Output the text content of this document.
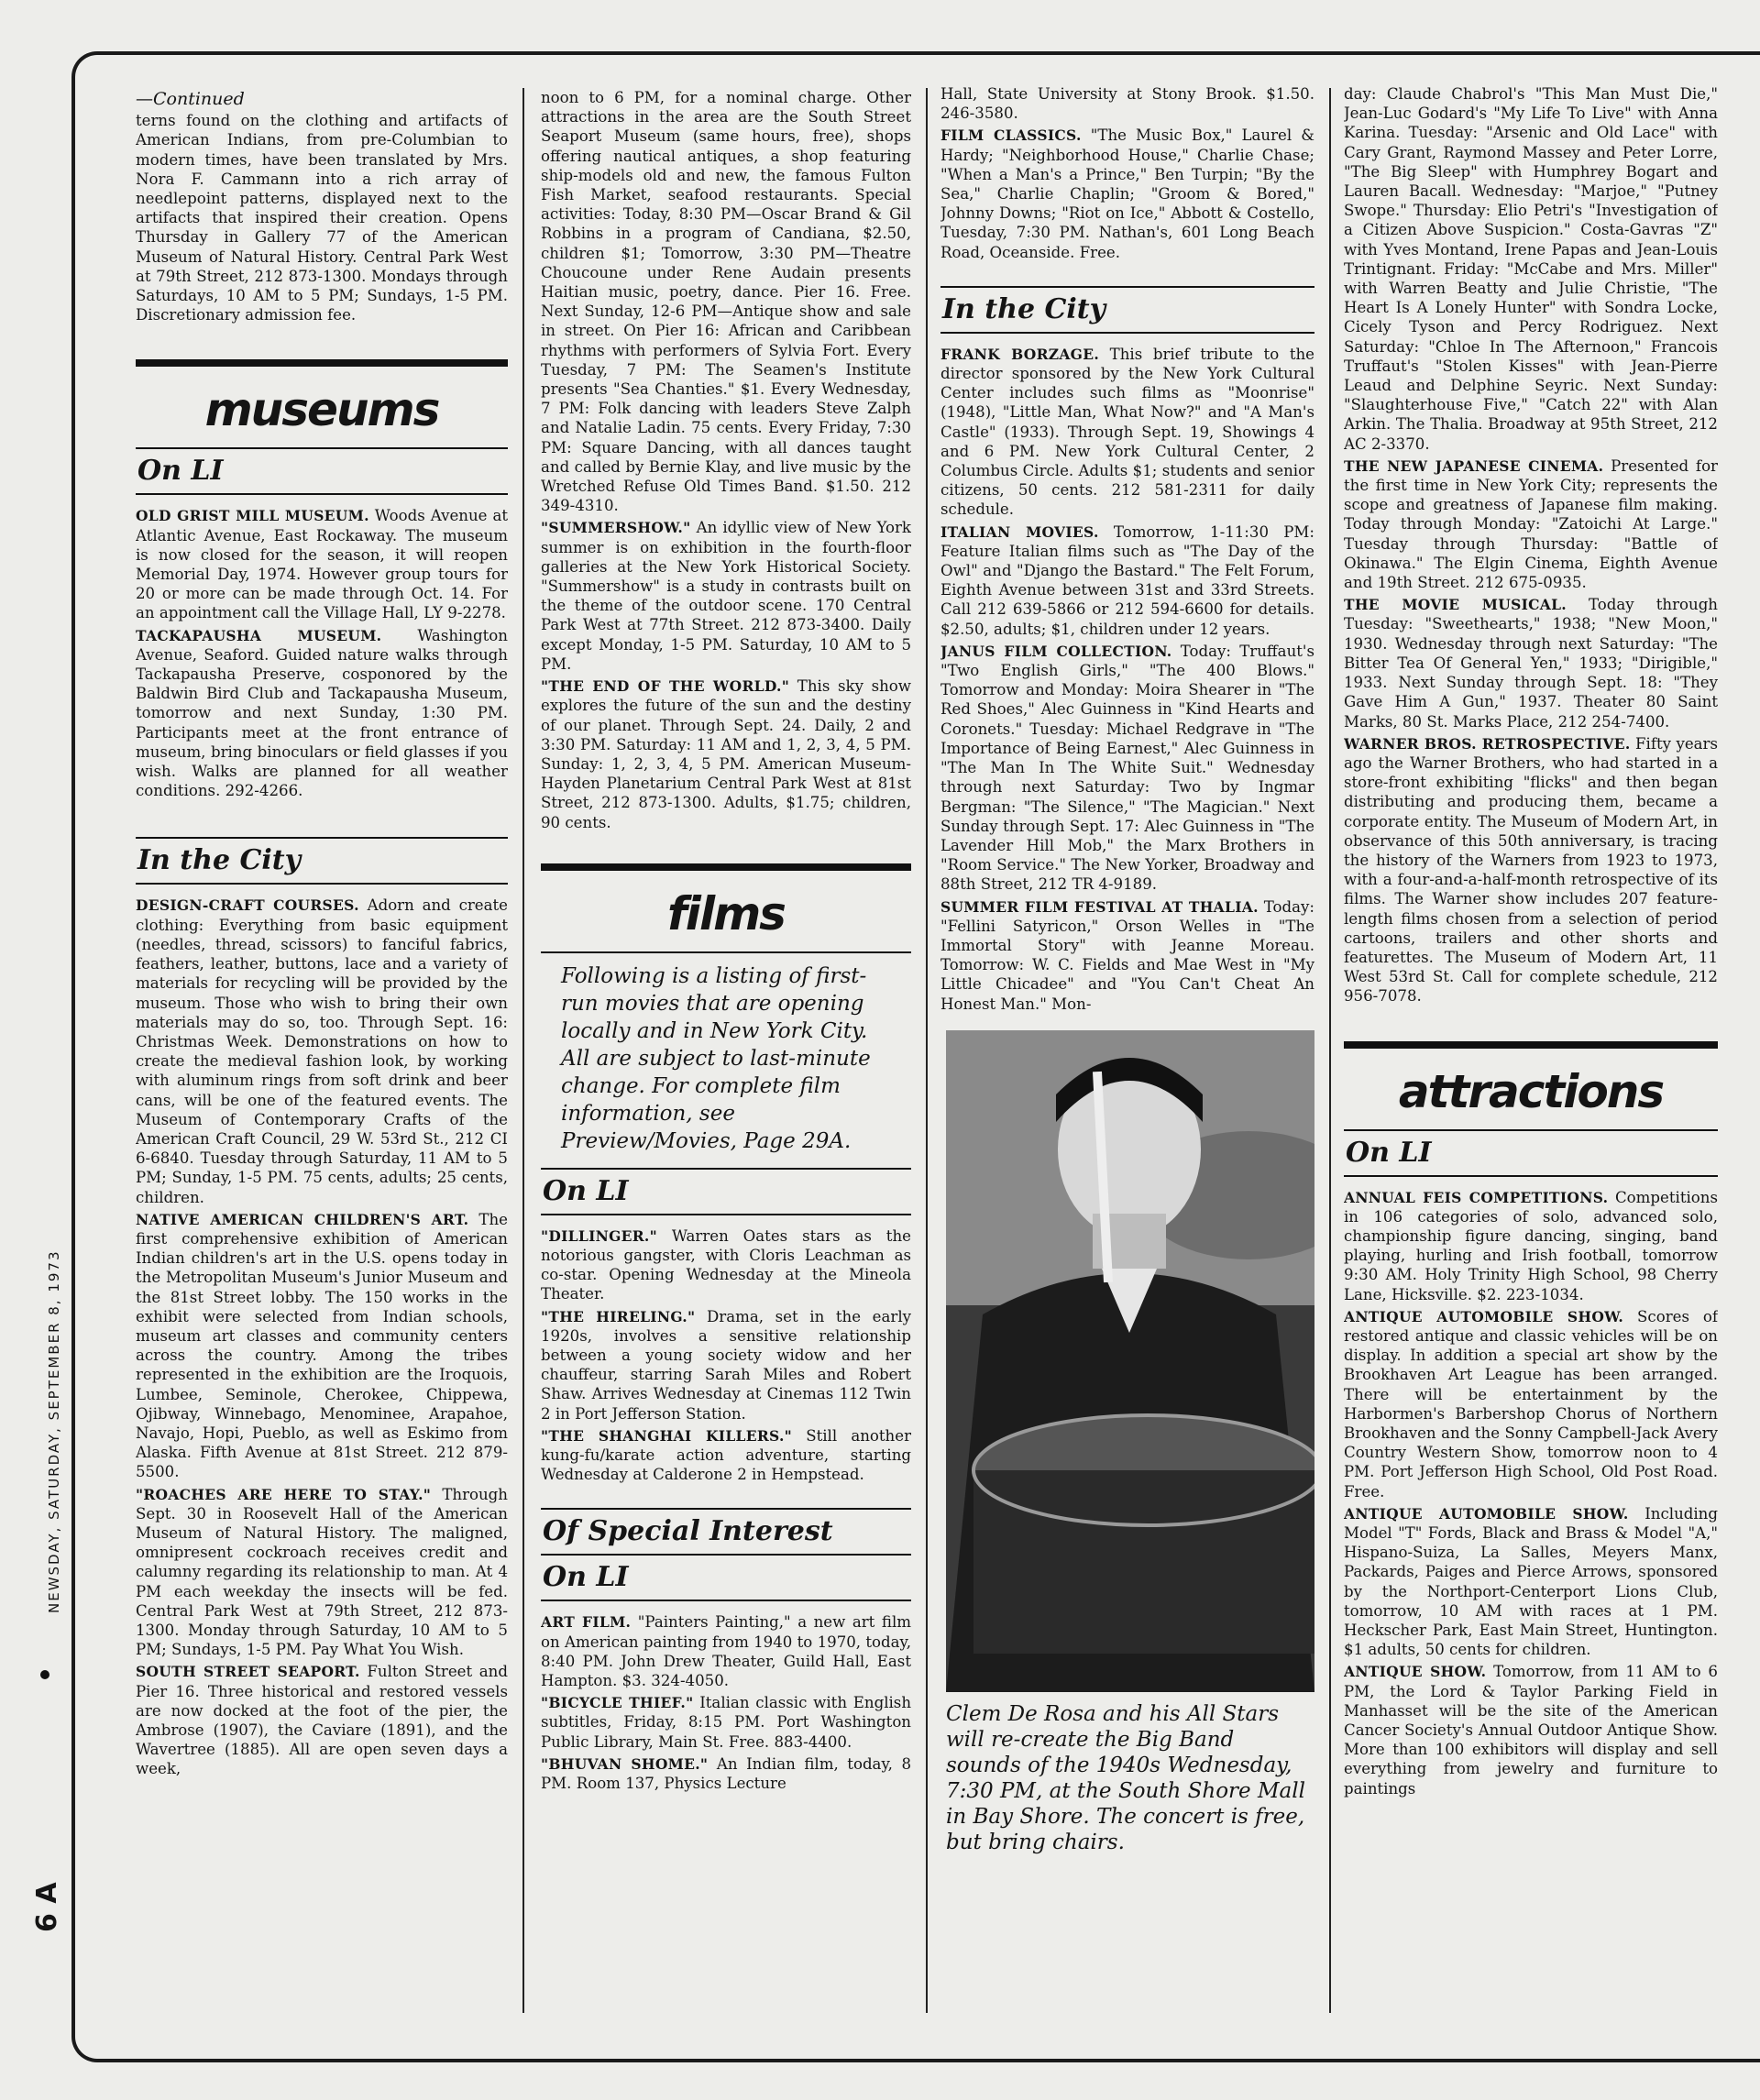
NEWSDAY, SATURDAY, SEPTEMBER 8, 1973
6 A
—Continued
terns found on the clothing and artifacts of American Indians, from pre-Columbian to modern times, have been translated by Mrs. Nora F. Cammann into a rich array of needlepoint patterns, displayed next to the artifacts that inspired their creation. Opens Thursday in Gallery 77 of the American Museum of Natural History. Central Park West at 79th Street, 212 873-1300. Mondays through Saturdays, 10 AM to 5 PM; Sundays, 1-5 PM. Discretionary admission fee.
museums
On LI

OLD GRIST MILL MUSEUM. Woods Avenue at Atlantic Avenue, East Rockaway. The museum is now closed for the season, it will reopen Memorial Day, 1974. However group tours for 20 or more can be made through Oct. 14. For an appointment call the Village Hall, LY 9-2278.

TACKAPAUSHA MUSEUM. Washington Avenue, Seaford. Guided nature walks through Tackapausha Preserve, cosponored by the Baldwin Bird Club and Tackapausha Museum, tomorrow and next Sunday, 1:30 PM. Participants meet at the front entrance of museum, bring binoculars or field glasses if you wish. Walks are planned for all weather conditions. 292-4266.

In the City

DESIGN-CRAFT COURSES. Adorn and create clothing: Everything from basic equipment (needles, thread, scissors) to fanciful fabrics, feathers, leather, buttons, lace and a variety of materials for recycling will be provided by the museum. Those who wish to bring their own materials may do so, too. Through Sept. 16: Christmas Week. Demonstrations on how to create the medieval fashion look, by working with aluminum rings from soft drink and beer cans, will be one of the featured events. The Museum of Contemporary Crafts of the American Craft Council, 29 W. 53rd St., 212 CI 6-6840. Tuesday through Saturday, 11 AM to 5 PM; Sunday, 1-5 PM. 75 cents, adults; 25 cents, children.

NATIVE AMERICAN CHILDREN'S ART. The first comprehensive exhibition of American Indian children's art in the U.S. opens today in the Metropolitan Museum's Junior Museum and the 81st Street lobby. The 150 works in the exhibit were selected from Indian schools, museum art classes and community centers across the country. Among the tribes represented in the exhibition are the Iroquois, Lumbee, Seminole, Cherokee, Chippewa, Ojibway, Winnebago, Menominee, Arapahoe, Navajo, Hopi, Pueblo, as well as Eskimo from Alaska. Fifth Avenue at 81st Street. 212 879-5500.

"ROACHES ARE HERE TO STAY." Through Sept. 30 in Roosevelt Hall of the American Museum of Natural History. The maligned, omnipresent cockroach receives credit and calumny regarding its relationship to man. At 4 PM each weekday the insects will be fed. Central Park West at 79th Street, 212 873-1300. Monday through Saturday, 10 AM to 5 PM; Sundays, 1-5 PM. Pay What You Wish.

SOUTH STREET SEAPORT. Fulton Street and Pier 16. Three historical and restored vessels are now docked at the foot of the pier, the Ambrose (1907), the Caviare (1891), and the Wavertree (1885). All are open seven days a week,

noon to 6 PM, for a nominal charge. Other attractions in the area are the South Street Seaport Museum (same hours, free), shops offering nautical antiques, a shop featuring ship-models old and new, the famous Fulton Fish Market, seafood restaurants. Special activities: Today, 8:30 PM—Oscar Brand & Gil Robbins in a program of Candiana, $2.50, children $1; Tomorrow, 3:30 PM—Theatre Choucoune under Rene Audain presents Haitian music, poetry, dance. Pier 16. Free. Next Sunday, 12-6 PM—Antique show and sale in street. On Pier 16: African and Caribbean rhythms with performers of Sylvia Fort. Every Tuesday, 7 PM: The Seamen's Institute presents "Sea Chanties." $1. Every Wednesday, 7 PM: Folk dancing with leaders Steve Zalph and Natalie Ladin. 75 cents. Every Friday, 7:30 PM: Square Dancing, with all dances taught and called by Bernie Klay, and live music by the Wretched Refuse Old Times Band. $1.50. 212 349-4310.

"SUMMERSHOW." An idyllic view of New York summer is on exhibition in the fourth-floor galleries at the New York Historical Society. "Summershow" is a study in contrasts built on the theme of the outdoor scene. 170 Central Park West at 77th Street. 212 873-3400. Daily except Monday, 1-5 PM. Saturday, 10 AM to 5 PM.

"THE END OF THE WORLD." This sky show explores the future of the sun and the destiny of our planet. Through Sept. 24. Daily, 2 and 3:30 PM. Saturday: 11 AM and 1, 2, 3, 4, 5 PM. Sunday: 1, 2, 3, 4, 5 PM. American Museum-Hayden Planetarium Central Park West at 81st Street, 212 873-1300. Adults, $1.75; children, 90 cents.

films
Following is a listing of first-run movies that are opening locally and in New York City. All are subject to last-minute change. For complete film information, see Preview/Movies, Page 29A.
On LI

"DILLINGER." Warren Oates stars as the notorious gangster, with Cloris Leachman as co-star. Opening Wednesday at the Mineola Theater.

"THE HIRELING." Drama, set in the early 1920s, involves a sensitive relationship between a young society widow and her chauffeur, starring Sarah Miles and Robert Shaw. Arrives Wednesday at Cinemas 112 Twin 2 in Port Jefferson Station.

"THE SHANGHAI KILLERS." Still another kung-fu/karate action adventure, starting Wednesday at Calderone 2 in Hempstead.

Of Special Interest
On LI

ART FILM. "Painters Painting," a new art film on American painting from 1940 to 1970, today, 8:40 PM. John Drew Theater, Guild Hall, East Hampton. $3. 324-4050.

"BICYCLE THIEF." Italian classic with English subtitles, Friday, 8:15 PM. Port Washington Public Library, Main St. Free. 883-4400.

"BHUVAN SHOME." An Indian film, today, 8 PM. Room 137, Physics Lecture

Hall, State University at Stony Brook. $1.50. 246-3580.

FILM CLASSICS. "The Music Box," Laurel & Hardy; "Neighborhood House," Charlie Chase; "When a Man's a Prince," Ben Turpin; "By the Sea," Charlie Chaplin; "Groom & Bored," Johnny Downs; "Riot on Ice," Abbott & Costello, Tuesday, 7:30 PM. Nathan's, 601 Long Beach Road, Oceanside. Free.

In the City

FRANK BORZAGE. This brief tribute to the director sponsored by the New York Cultural Center includes such films as "Moonrise" (1948), "Little Man, What Now?" and "A Man's Castle" (1933). Through Sept. 19, Showings 4 and 6 PM. New York Cultural Center, 2 Columbus Circle. Adults $1; students and senior citizens, 50 cents. 212 581-2311 for daily schedule.

ITALIAN MOVIES. Tomorrow, 1-11:30 PM: Feature Italian films such as "The Day of the Owl" and "Django the Bastard." The Felt Forum, Eighth Avenue between 31st and 33rd Streets. Call 212 639-5866 or 212 594-6600 for details. $2.50, adults; $1, children under 12 years.

JANUS FILM COLLECTION. Today: Truffaut's "Two English Girls," "The 400 Blows." Tomorrow and Monday: Moira Shearer in "The Red Shoes," Alec Guinness in "Kind Hearts and Coronets." Tuesday: Michael Redgrave in "The Importance of Being Earnest," Alec Guinness in "The Man In The White Suit." Wednesday through next Saturday: Two by Ingmar Bergman: "The Silence," "The Magician." Next Sunday through Sept. 17: Alec Guinness in "The Lavender Hill Mob," the Marx Brothers in "Room Service." The New Yorker, Broadway and 88th Street, 212 TR 4-9189.

SUMMER FILM FESTIVAL AT THALIA. Today: "Fellini Satyricon," Orson Welles in "The Immortal Story" with Jeanne Moreau. Tomorrow: W. C. Fields and Mae West in "My Little Chicadee" and "You Can't Cheat An Honest Man." Mon-

Clem De Rosa and his All Stars will re-create the Big Band sounds of the 1940s Wednesday, 7:30 PM, at the South Shore Mall in Bay Shore. The concert is free, but bring chairs.
day: Claude Chabrol's "This Man Must Die," Jean-Luc Godard's "My Life To Live" with Anna Karina. Tuesday: "Arsenic and Old Lace" with Cary Grant, Raymond Massey and Peter Lorre, "The Big Sleep" with Humphrey Bogart and Lauren Bacall. Wednesday: "Marjoe," "Putney Swope." Thursday: Elio Petri's "Investigation of a Citizen Above Suspicion." Costa-Gavras "Z" with Yves Montand, Irene Papas and Jean-Louis Trintignant. Friday: "McCabe and Mrs. Miller" with Warren Beatty and Julie Christie, "The Heart Is A Lonely Hunter" with Sondra Locke, Cicely Tyson and Percy Rodriguez. Next Saturday: "Chloe In The Afternoon," Francois Truffaut's "Stolen Kisses" with Jean-Pierre Leaud and Delphine Seyric. Next Sunday: "Slaughterhouse Five," "Catch 22" with Alan Arkin. The Thalia. Broadway at 95th Street, 212 AC 2-3370.

THE NEW JAPANESE CINEMA. Presented for the first time in New York City; represents the scope and greatness of Japanese film making. Today through Monday: "Zatoichi At Large." Tuesday through Thursday: "Battle of Okinawa." The Elgin Cinema, Eighth Avenue and 19th Street. 212 675-0935.

THE MOVIE MUSICAL. Today through Tuesday: "Sweethearts," 1938; "New Moon," 1930. Wednesday through next Saturday: "The Bitter Tea Of General Yen," 1933; "Dirigible," 1933. Next Sunday through Sept. 18: "They Gave Him A Gun," 1937. Theater 80 Saint Marks, 80 St. Marks Place, 212 254-7400.

WARNER BROS. RETROSPECTIVE. Fifty years ago the Warner Brothers, who had started in a store-front exhibiting "flicks" and then began distributing and producing them, became a corporate entity. The Museum of Modern Art, in observance of this 50th anniversary, is tracing the history of the Warners from 1923 to 1973, with a four-and-a-half-month retrospective of its films. The Warner show includes 207 feature-length films chosen from a selection of period cartoons, trailers and other shorts and featurettes. The Museum of Modern Art, 11 West 53rd St. Call for complete schedule, 212 956-7078.

attractions
On LI

ANNUAL FEIS COMPETITIONS. Competitions in 106 categories of solo, advanced solo, championship figure dancing, singing, band playing, hurling and Irish football, tomorrow 9:30 AM. Holy Trinity High School, 98 Cherry Lane, Hicksville. $2. 223-1034.

ANTIQUE AUTOMOBILE SHOW. Scores of restored antique and classic vehicles will be on display. In addition a special art show by the Brookhaven Art League has been arranged. There will be entertainment by the Harbormen's Barbershop Chorus of Northern Brookhaven and the Sonny Campbell-Jack Avery Country Western Show, tomorrow noon to 4 PM. Port Jefferson High School, Old Post Road. Free.

ANTIQUE AUTOMOBILE SHOW. Including Model "T" Fords, Black and Brass & Model "A," Hispano-Suiza, La Salles, Meyers Manx, Packards, Paiges and Pierce Arrows, sponsored by the Northport-Centerport Lions Club, tomorrow, 10 AM with races at 1 PM. Heckscher Park, East Main Street, Huntington. $1 adults, 50 cents for children.

ANTIQUE SHOW. Tomorrow, from 11 AM to 6 PM, the Lord & Taylor Parking Field in Manhasset will be the site of the American Cancer Society's Annual Outdoor Antique Show. More than 100 exhibitors will display and sell everything from jewelry and furniture to paintings
